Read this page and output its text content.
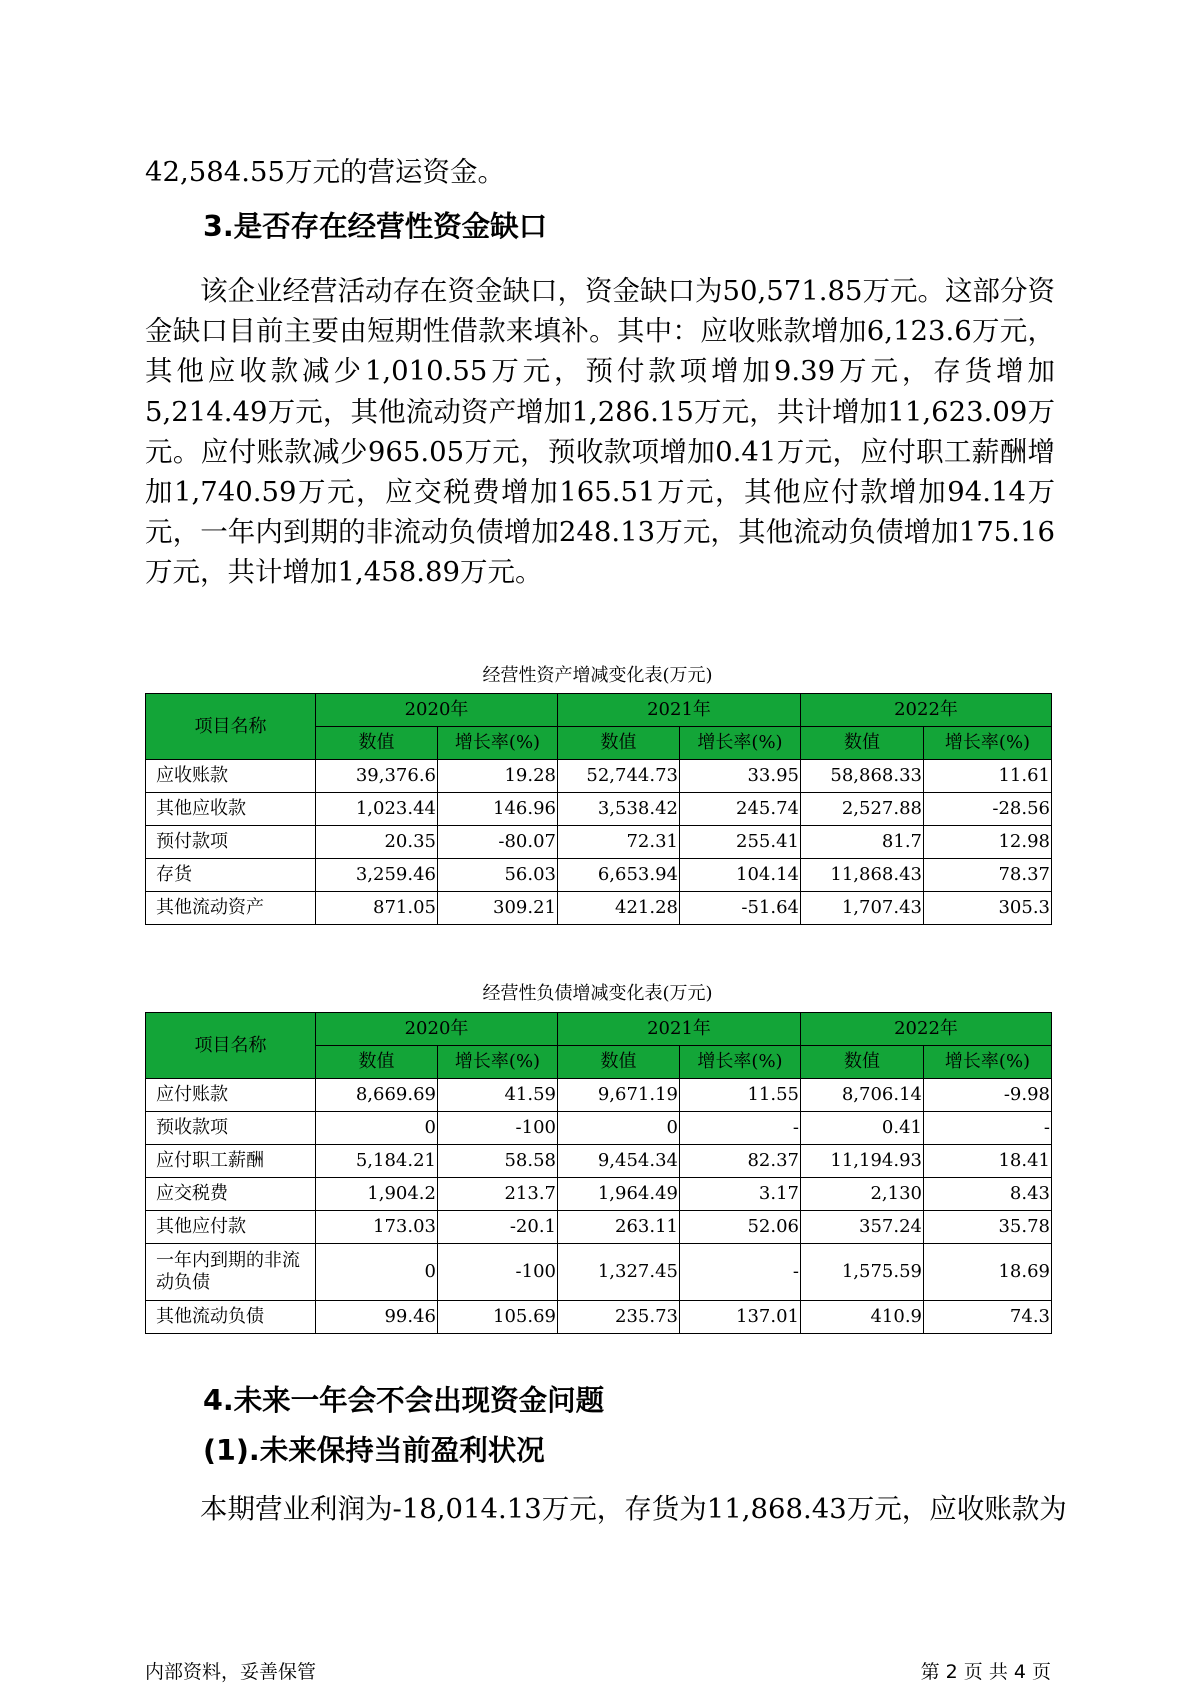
42,584.55万元的营运资金。
3.是否存在经营性资金缺口
该企业经营活动存在资金缺口，资金缺口为50,571.85万元。这部分资金缺口目前主要由短期性借款来填补。其中：应收账款增加6,123.6万元，其他应收款减少1,010.55万元，预付款项增加9.39万元，存货增加5,214.49万元，其他流动资产增加1,286.15万元，共计增加11,623.09万元。应付账款减少965.05万元，预收款项增加0.41万元，应付职工薪酬增加1,740.59万元，应交税费增加165.51万元，其他应付款增加94.14万元，一年内到期的非流动负债增加248.13万元，其他流动负债增加175.16万元，共计增加1,458.89万元。
经营性资产增减变化表(万元)
项目名称	2020年		2021年		2022年	
	数值	增长率(%)	数值	增长率(%)	数值	增长率(%)
应收账款	39,376.6	19.28	52,744.73	33.95	58,868.33	11.61
其他应收款	1,023.44	146.96	3,538.42	245.74	2,527.88	-28.56
预付款项	20.35	-80.07	72.31	255.41	81.7	12.98
存货	3,259.46	56.03	6,653.94	104.14	11,868.43	78.37
其他流动资产	871.05	309.21	421.28	-51.64	1,707.43	305.3
经营性负债增减变化表(万元)
项目名称	2020年		2021年		2022年	
	数值	增长率(%)	数值	增长率(%)	数值	增长率(%)
应付账款	8,669.69	41.59	9,671.19	11.55	8,706.14	-9.98
预收款项	0	-100	0	-	0.41	-
应付职工薪酬	5,184.21	58.58	9,454.34	82.37	11,194.93	18.41
应交税费	1,904.2	213.7	1,964.49	3.17	2,130	8.43
其他应付款	173.03	-20.1	263.11	52.06	357.24	35.78
一年内到期的非流动负债	0	-100	1,327.45	-	1,575.59	18.69
其他流动负债	99.46	105.69	235.73	137.01	410.9	74.3
4.未来一年会不会出现资金问题
(1).未来保持当前盈利状况
本期营业利润为-18,014.13万元，存货为11,868.43万元，应收账款为
内部资料，妥善保管	第 2 页 共 4 页
